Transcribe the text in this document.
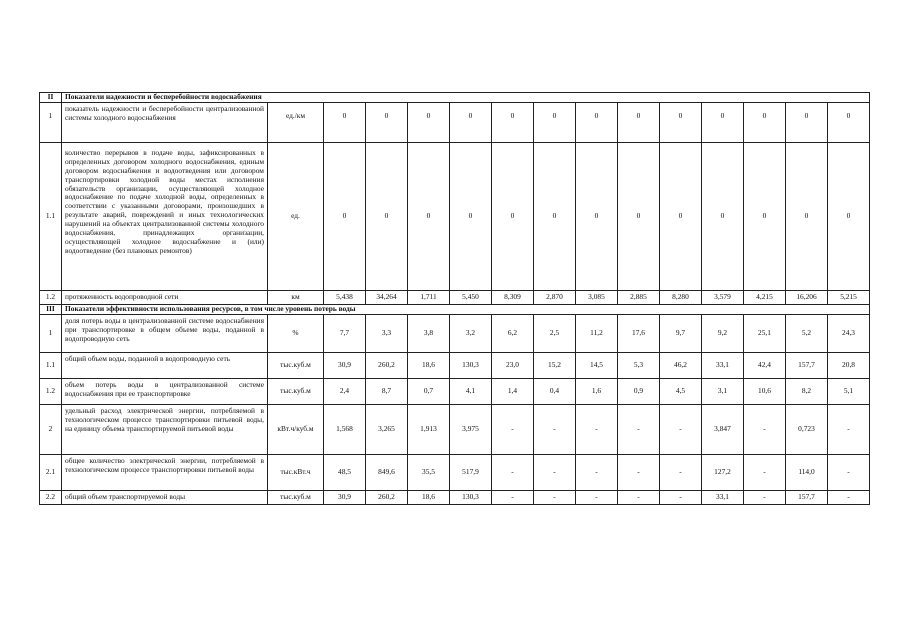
II	Показатели надежности и бесперебойности водоснабжения														
1	показатель надежности и бесперебойности централизованной системы холодного водоснабжения	ед./км	0	0	0	0	0	0	0	0	0	0	0	0	0
1.1	количество перерывов в подаче воды, зафиксированных в определенных договором холодного водоснабжения, единым договором водоснабжения и водоотведения или договором транспортировки холодной воды местах исполнения обязательств организации, осуществляющей холодное водоснабжение по подаче холодной воды, определенных в соответствии с указанными договорами, произошедших в результате аварий, повреждений и иных технологических нарушений на объектах централизованной системы холодного водоснабжения, принадлежащих организации, осуществляющей холодное водоснабжение и (или) водоотведение (без плановых ремонтов)	ед.	0	0	0	0	0	0	0	0	0	0	0	0	0
1.2	протяженность водопроводной сети	км	5,438	34,264	1,711	5,450	8,309	2,870	3,085	2,885	8,280	3,579	4,215	16,206	5,215
III	Показатели эффективности использования ресурсов, в том числе уровень потерь воды														
1	доля потерь воды в централизованной системе водоснабжения при транспортировке в общем объеме воды, поданной в водопроводную сеть	%	7,7	3,3	3,8	3,2	6,2	2,5	11,2	17,6	9,7	9,2	25,1	5,2	24,3
1.1	общий объем воды, поданной в водопроводную сеть	тыс.куб.м	30,9	260,2	18,6	130,3	23,0	15,2	14,5	5,3	46,2	33,1	42,4	157,7	20,8
1.2	объем потерь воды в централизованной системе водоснабжения при ее транспортировке	тыс.куб.м	2,4	8,7	0,7	4,1	1,4	0,4	1,6	0,9	4,5	3,1	10,6	8,2	5,1
2	удельный расход электрической энергии, потребляемой в технологическом процессе транспортировки питьевой воды, на единицу объема транспортируемой питьевой воды	кВт.ч/куб.м	1,568	3,265	1,913	3,975	-	-	-	-	-	3,847	-	0,723	-
2.1	общее количество электрической энергии, потребляемой в технологическом процессе транспортировки питьевой воды	тыс.кВт.ч	48,5	849,6	35,5	517,9	-	-	-	-	-	127,2	-	114,0	-
2.2	общий объем транспортируемой воды	тыс.куб.м	30,9	260,2	18,6	130,3	-	-	-	-	-	33,1	-	157,7	-
